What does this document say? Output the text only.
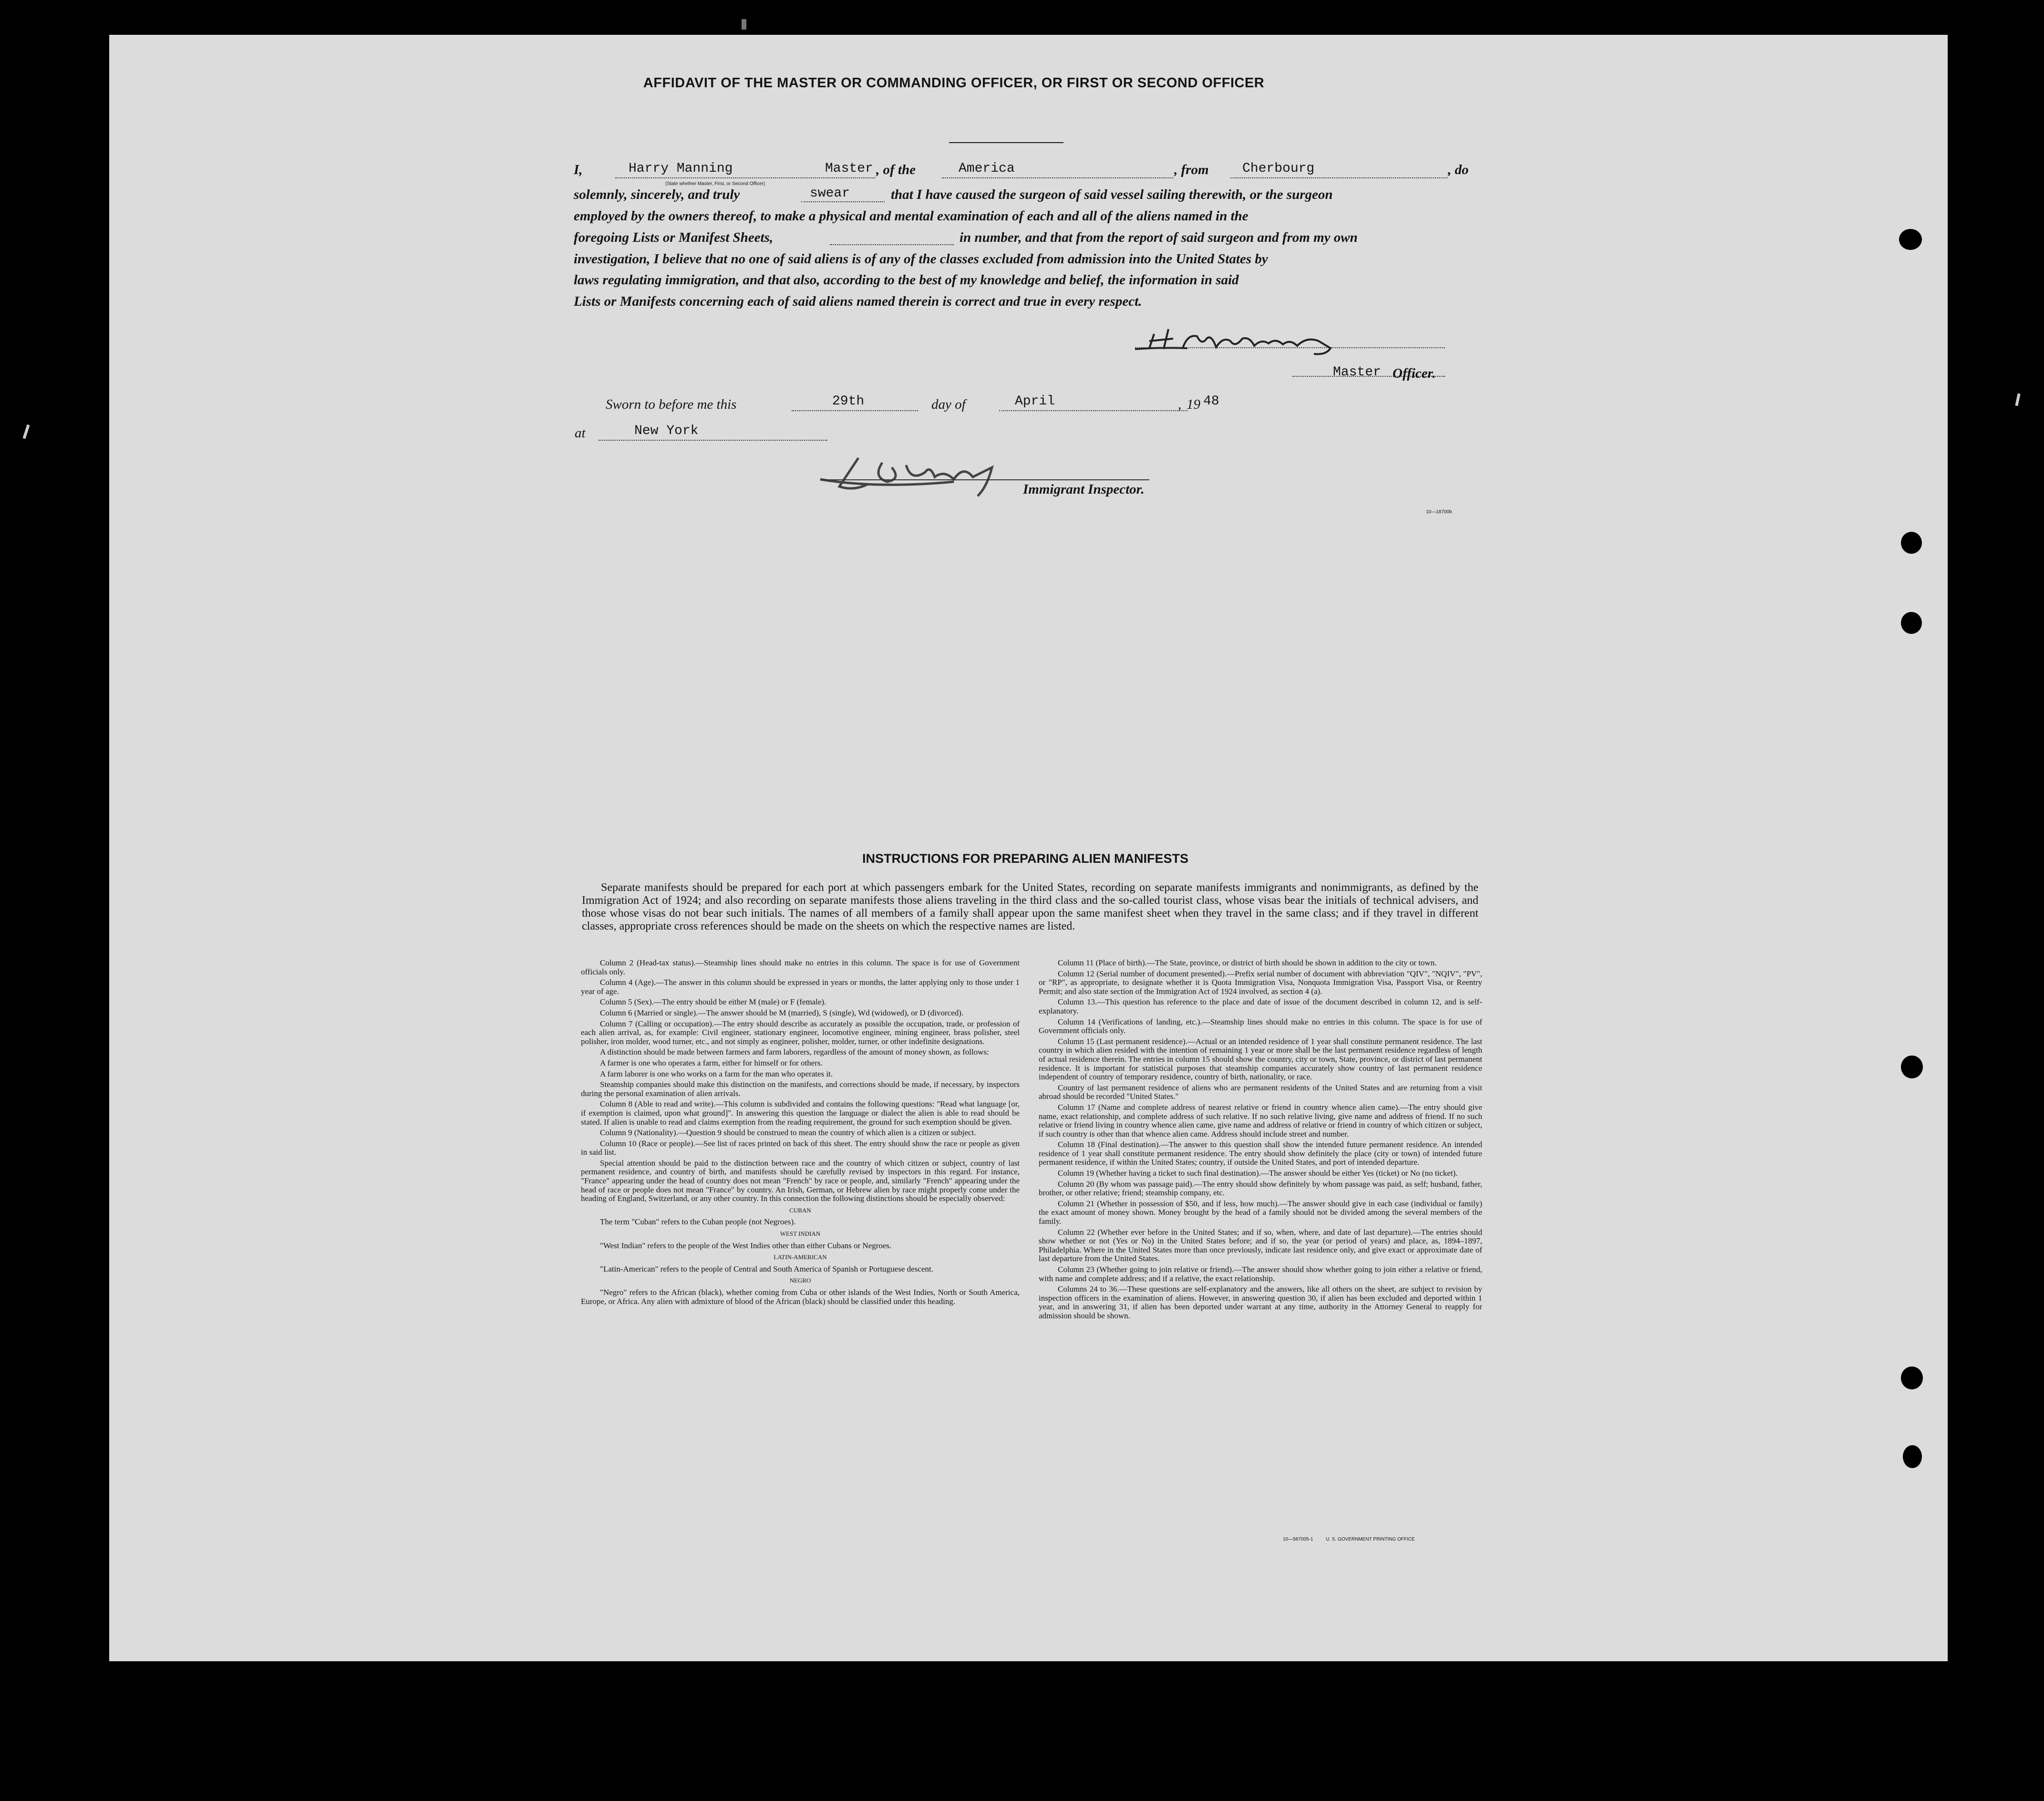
AFFIDAVIT OF THE MASTER OR COMMANDING OFFICER, OR FIRST OR SECOND OFFICER
I,	Harry Manning	Master , of the	America	, from	Cherbourg	, do
(State whether Master, First, or Second Officer)
solemnly, sincerely, and truly	swear	that I have caused the surgeon of said vessel sailing therewith, or the surgeon
employed by the owners thereof, to make a physical and mental examination of each and all of the aliens named in the
foregoing Lists or Manifest Sheets,	in number, and that from the report of said surgeon and from my own
investigation, I believe that no one of said aliens is of any of the classes excluded from admission into the United States by
laws regulating immigration, and that also, according to the best of my knowledge and belief, the information in said
Lists or Manifests concerning each of said aliens named therein is correct and true in every respect.
Master Officer.
Sworn to before me this	29th	day of	April	, 19 48
at	New York
Immigrant Inspector.
10—18700b
INSTRUCTIONS FOR PREPARING ALIEN MANIFESTS
Separate manifests should be prepared for each port at which passengers embark for the United States, recording on separate manifests immigrants and nonimmigrants, as defined by the Immigration Act of 1924; and also recording on separate manifests those aliens traveling in the third class and the so-called tourist class, whose visas bear the initials of technical advisers, and those whose visas do not bear such initials. The names of all members of a family shall appear upon the same manifest sheet when they travel in the same class; and if they travel in different classes, appropriate cross references should be made on the sheets on which the respective names are listed.

Column 2 (Head-tax status).—Steamship lines should make no entries in this column. The space is for use of Government officials only.

Column 4 (Age).—The answer in this column should be expressed in years or months, the latter applying only to those under 1 year of age.

Column 5 (Sex).—The entry should be either M (male) or F (female).

Column 6 (Married or single).—The answer should be M (married), S (single), Wd (widowed), or D (divorced).

Column 7 (Calling or occupation).—The entry should describe as accurately as possible the occupation, trade, or profession of each alien arrival, as, for example: Civil engineer, stationary engineer, locomotive engineer, mining engineer, brass polisher, steel polisher, iron molder, wood turner, etc., and not simply as engineer, polisher, molder, turner, or other indefinite designations.

A distinction should be made between farmers and farm laborers, regardless of the amount of money shown, as follows:

A farmer is one who operates a farm, either for himself or for others.

A farm laborer is one who works on a farm for the man who operates it.

Steamship companies should make this distinction on the manifests, and corrections should be made, if necessary, by inspectors during the personal examination of alien arrivals.

Column 8 (Able to read and write).—This column is subdivided and contains the following questions: "Read what language [or, if exemption is claimed, upon what ground]". In answering this question the language or dialect the alien is able to read should be stated. If alien is unable to read and claims exemption from the reading requirement, the ground for such exemption should be given.

Column 9 (Nationality).—Question 9 should be construed to mean the country of which alien is a citizen or subject.

Column 10 (Race or people).—See list of races printed on back of this sheet. The entry should show the race or people as given in said list.

Special attention should be paid to the distinction between race and the country of which citizen or subject, country of last permanent residence, and country of birth, and manifests should be carefully revised by inspectors in this regard. For instance, "France" appearing under the head of country does not mean "French" by race or people, and, similarly "French" appearing under the head of race or people does not mean "France" by country. An Irish, German, or Hebrew alien by race might properly come under the heading of England, Switzerland, or any other country. In this connection the following distinctions should be especially observed:

CUBAN

The term "Cuban" refers to the Cuban people (not Negroes).

WEST INDIAN

"West Indian" refers to the people of the West Indies other than either Cubans or Negroes.

LATIN-AMERICAN

"Latin-American" refers to the people of Central and South America of Spanish or Portuguese descent.

NEGRO

"Negro" refers to the African (black), whether coming from Cuba or other islands of the West Indies, North or South America, Europe, or Africa. Any alien with admixture of blood of the African (black) should be classified under this heading.

Column 11 (Place of birth).—The State, province, or district of birth should be shown in addition to the city or town.

Column 12 (Serial number of document presented).—Prefix serial number of document with abbreviation "QIV", "NQIV", "PV", or "RP", as appropriate, to designate whether it is Quota Immigration Visa, Nonquota Immigration Visa, Passport Visa, or Reentry Permit; and also state section of the Immigration Act of 1924 involved, as section 4 (a).

Column 13.—This question has reference to the place and date of issue of the document described in column 12, and is self-explanatory.

Column 14 (Verifications of landing, etc.).—Steamship lines should make no entries in this column. The space is for use of Government officials only.

Column 15 (Last permanent residence).—Actual or an intended residence of 1 year shall constitute permanent residence. The last country in which alien resided with the intention of remaining 1 year or more shall be the last permanent residence regardless of length of actual residence therein. The entries in column 15 should show the country, city or town, State, province, or district of last permanent residence. It is important for statistical purposes that steamship companies accurately show country of last permanent residence independent of country of temporary residence, country of birth, nationality, or race.

Country of last permanent residence of aliens who are permanent residents of the United States and are returning from a visit abroad should be recorded "United States."

Column 17 (Name and complete address of nearest relative or friend in country whence alien came).—The entry should give name, exact relationship, and complete address of such relative. If no such relative living, give name and address of friend. If no such relative or friend living in country whence alien came, give name and address of relative or friend in country of which citizen or subject, if such country is other than that whence alien came. Address should include street and number.

Column 18 (Final destination).—The answer to this question shall show the intended future permanent residence. An intended residence of 1 year shall constitute permanent residence. The entry should show definitely the place (city or town) of intended future permanent residence, if within the United States; country, if outside the United States, and port of intended departure.

Column 19 (Whether having a ticket to such final destination).—The answer should be either Yes (ticket) or No (no ticket).

Column 20 (By whom was passage paid).—The entry should show definitely by whom passage was paid, as self; husband, father, brother, or other relative; friend; steamship company, etc.

Column 21 (Whether in possession of $50, and if less, how much).—The answer should give in each case (individual or family) the exact amount of money shown. Money brought by the head of a family should not be divided among the several members of the family.

Column 22 (Whether ever before in the United States; and if so, when, where, and date of last departure).—The entries should show whether or not (Yes or No) in the United States before; and if so, the year (or period of years) and place, as, 1894–1897, Philadelphia. Where in the United States more than once previously, indicate last residence only, and give exact or approximate date of last departure from the United States.

Column 23 (Whether going to join relative or friend).—The answer should show whether going to join either a relative or friend, with name and complete address; and if a relative, the exact relationship.

Columns 24 to 36.—These questions are self-explanatory and the answers, like all others on the sheet, are subject to revision by inspection officers in the examination of aliens. However, in answering question 30, if alien has been excluded and deported within 1 year, and in answering 31, if alien has been deported under warrant at any time, authority in the Attorney General to reapply for admission should be shown.

10—587005-1	U. S. GOVERNMENT PRINTING OFFICE
